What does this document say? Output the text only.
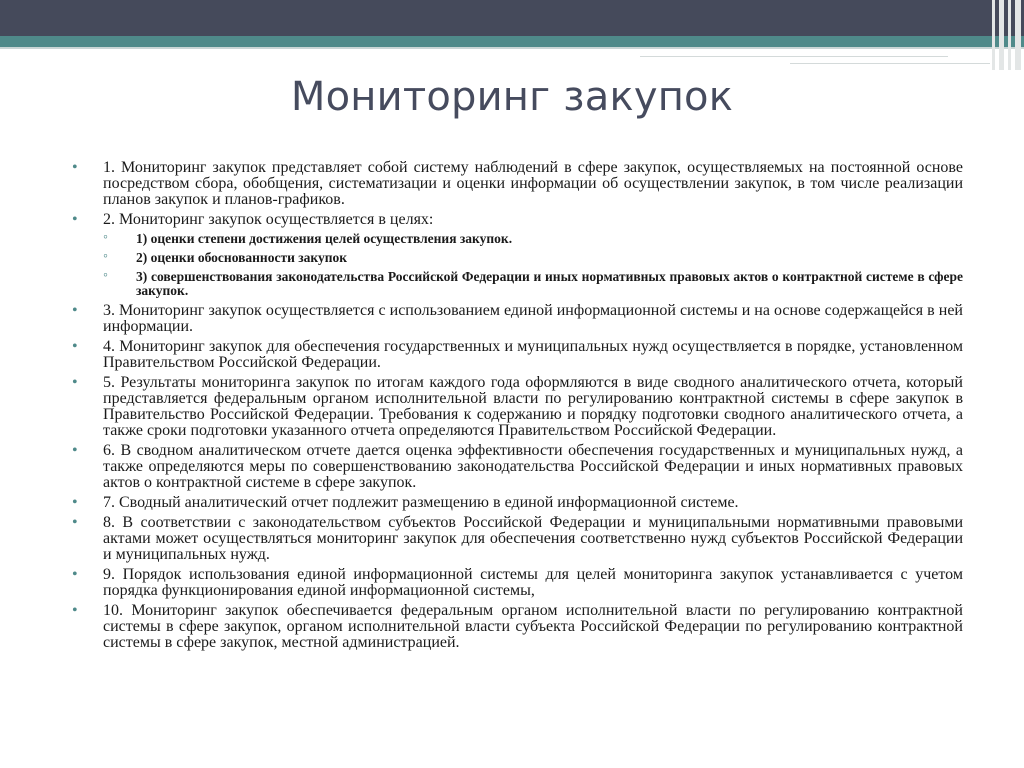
Мониторинг закупок
• 1. Мониторинг закупок представляет собой систему наблюдений в сфере закупок, осуществляемых на постоянной основе посредством сбора, обобщения, систематизации и оценки информации об осуществлении закупок, в том числе реализации планов закупок и планов-графиков.
• 2. Мониторинг закупок осуществляется в целях:
◦ 1) оценки степени достижения целей осуществления закупок.
◦ 2) оценки обоснованности закупок
◦ 3) совершенствования законодательства Российской Федерации и иных нормативных правовых актов о контрактной системе в сфере закупок.
• 3. Мониторинг закупок осуществляется с использованием единой информационной системы и на основе содержащейся в ней информации.
• 4. Мониторинг закупок для обеспечения государственных и муниципальных нужд осуществляется в порядке, установленном Правительством Российской Федерации.
• 5. Результаты мониторинга закупок по итогам каждого года оформляются в виде сводного аналитического отчета, который представляется федеральным органом исполнительной власти по регулированию контрактной системы в сфере закупок в Правительство Российской Федерации. Требования к содержанию и порядку подготовки сводного аналитического отчета, а также сроки подготовки указанного отчета определяются Правительством Российской Федерации.
• 6. В сводном аналитическом отчете дается оценка эффективности обеспечения государственных и муниципальных нужд, а также определяются меры по совершенствованию законодательства Российской Федерации и иных нормативных правовых актов о контрактной системе в сфере закупок.
• 7. Сводный аналитический отчет подлежит размещению в единой информационной системе.
• 8. В соответствии с законодательством субъектов Российской Федерации и муниципальными нормативными правовыми актами может осуществляться мониторинг закупок для обеспечения соответственно нужд субъектов Российской Федерации и муниципальных нужд.
• 9. Порядок использования единой информационной системы для целей мониторинга закупок устанавливается с учетом порядка функционирования единой информационной системы,
• 10. Мониторинг закупок обеспечивается федеральным органом исполнительной власти по регулированию контрактной системы в сфере закупок, органом исполнительной власти субъекта Российской Федерации по регулированию контрактной системы в сфере закупок, местной администрацией.
